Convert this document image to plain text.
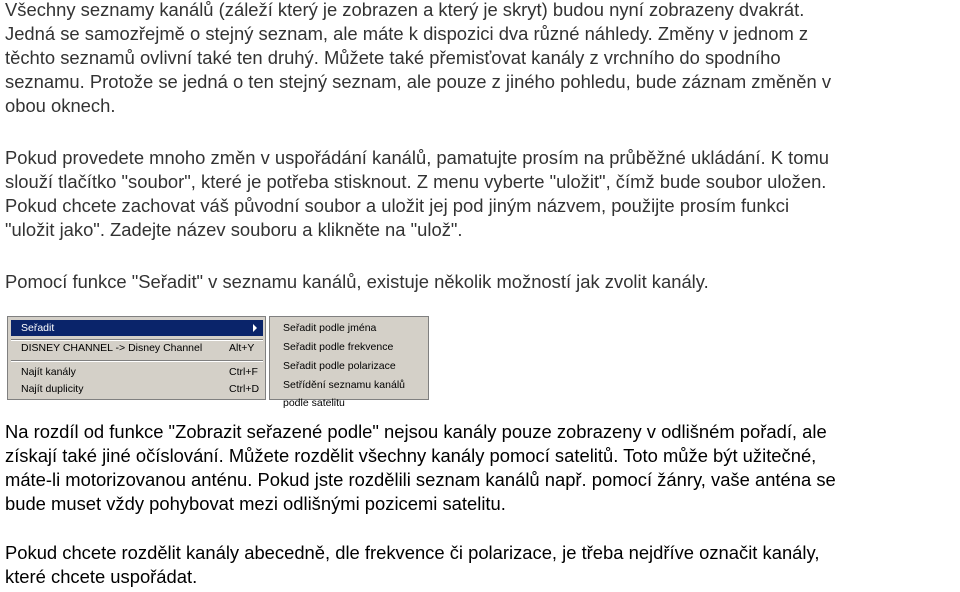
Všechny seznamy kanálů (záleží který je zobrazen a který je skryt) budou nyní zobrazeny dvakrát.
Jedná se samozřejmě o stejný seznam, ale máte k dispozici dva různé náhledy. Změny v jednom z
těchto seznamů ovlivní také ten druhý. Můžete také přemisťovat kanály z vrchního do spodního
seznamu. Protože se jedná o ten stejný seznam, ale pouze z jiného pohledu, bude záznam změněn v
obou oknech.
Pokud provedete mnoho změn v uspořádání kanálů, pamatujte prosím na průběžné ukládání. K tomu
slouží tlačítko "soubor", které je potřeba stisknout. Z menu vyberte "uložit", čímž bude soubor uložen.
Pokud chcete zachovat váš původní soubor a uložit jej pod jiným názvem, použijte prosím funkci
"uložit jako". Zadejte název souboru a klikněte na "ulož".
Pomocí funkce "Seřadit" v seznamu kanálů, existuje několik možností jak zvolit kanály.
Seřadit
DISNEY CHANNEL -> Disney Channel	Alt+Y
Najít kanály	Ctrl+F
Najít duplicity	Ctrl+D
Seřadit podle jména
Seřadit podle frekvence
Seřadit podle polarizace
Setřídění seznamu kanálů podle satelitu
Na rozdíl od funkce "Zobrazit seřazené podle" nejsou kanály pouze zobrazeny v odlišném pořadí, ale
získají také jiné očíslování. Můžete rozdělit všechny kanály pomocí satelitů. Toto může být užitečné,
máte-li motorizovanou anténu. Pokud jste rozdělili seznam kanálů např. pomocí žánry, vaše anténa se
bude muset vždy pohybovat mezi odlišnými pozicemi satelitu.
Pokud chcete rozdělit kanály abecedně, dle frekvence či polarizace, je třeba nejdříve označit kanály,
které chcete uspořádat.
